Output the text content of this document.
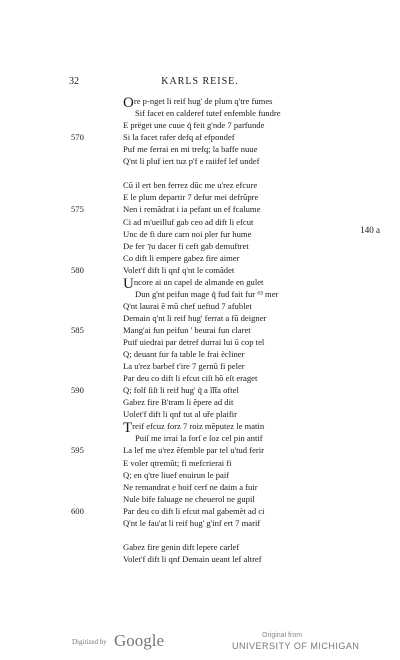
32	KARLS REISE.
Ore p-nget li reif hug' de plum q'tre fumes
Sif facet en calderef tutef enfemble fundre
E prëget une cuue q̃ feit g'nde 7 parfunde
570	Si la facet rafer defq af efpondef
Puf me ferrai en mi trefq; la baffe nuue
Q'nt li pluf iert tuz p'f e raiifef lef undef
Cũ il ert ben ferrez dũc me u'rez efcure
E le plum departir 7 defur mei defrũpre
575	Nen i remãdrat i ia pefant un ef fcalume
Ci ad m'ueilluf gab ceo ad dift li efcut
Unc de fi dure carn noi pler fur hume
De fer ⁊u dacer fi ceft gab demuftret
Co dift li empere gabez fire aimer
580	Volet'f dift li qnf q'nt le comãdet
Uncore ai un capel de almande en gulet
Dun g'nt peifun mage q̃ fud fait fur ⁶³ mer
Q'nt laurai ẽ mũ chef ueftud 7 afublet
Demain q'nt li reif hug' ferrat a fũ deigner
585	Mang'ai fun peifun ' beurai fun claret
Puif uiedrai par detref durrai lui ũ cop tel
Q; deuant fur fa table le frai ècliner
La u'rez barbef t'ire 7 gernũ fi peler
Par deu co dift li efcut ciſt hõ eſt eraget
590	Q; folf ſiſt li reif hug' q̃ a ĩ͞ſta oftel
Gabez fire B'tram li ẽpere ad dit
Uolet'f dift li qnf tut al uře plaifir
Treif efcuz forz 7 roiz mẽputez le matin
Puiſ me irrai la forſ e ſoz cel pin antif
595	La lef me u'rez ẽfemble par tel u'tud ferir
E voler ɋtremũt; fi mefcrierai fi
Q; en q'tre liuef enuirun le paif
Ne remandrat e boif cerf ne daim a fuir
Nule bife faluage ne cheuerol ne gupil
600	Par deu co dift li efcut mal gabemèt ad ci
Q'nt le fau'at li reif hug' g'inf ert 7 marif
Gabez fire genin dift lepere carlef
Volet'f dift li qnf Demain ueant lef altref
140 a
Digitized by Google	Original from
UNIVERSITY OF MICHIGAN
